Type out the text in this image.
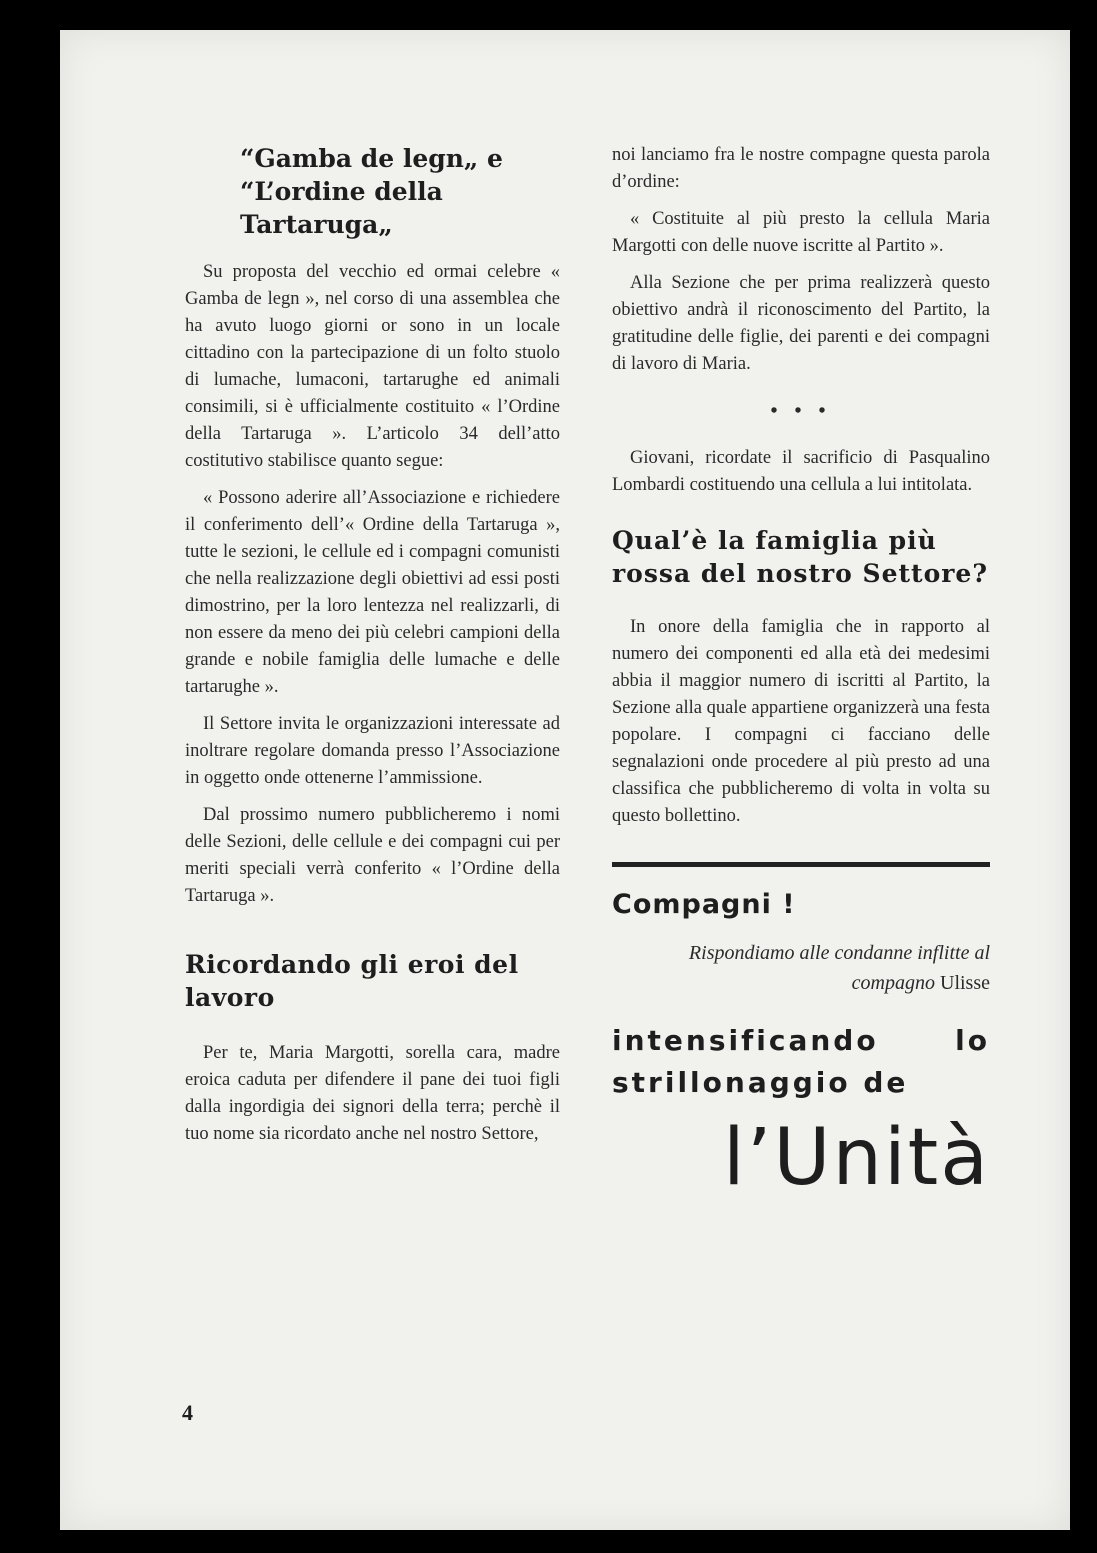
“Gamba de legn„ e “L’ordine della Tartaruga„

Su proposta del vecchio ed ormai celebre « Gamba de legn », nel corso di una assemblea che ha avuto luogo giorni or sono in un locale cittadino con la partecipazione di un folto stuolo di lumache, lumaconi, tartarughe ed animali consimili, si è ufficialmente costituito « l’Ordine della Tartaruga ». L’articolo 34 dell’atto costitutivo stabilisce quanto segue:

« Possono aderire all’Associazione e richiedere il conferimento dell’« Ordine della Tartaruga », tutte le sezioni, le cellule ed i compagni comunisti che nella realizzazione degli obiettivi ad essi posti dimostrino, per la loro lentezza nel realizzarli, di non essere da meno dei più celebri campioni della grande e nobile famiglia delle lumache e delle tartarughe ».

Il Settore invita le organizzazioni interessate ad inoltrare regolare domanda presso l’Associazione in oggetto onde ottenerne l’ammissione.

Dal prossimo numero pubblicheremo i nomi delle Sezioni, delle cellule e dei compagni cui per meriti speciali verrà conferito « l’Ordine della Tartaruga ».

Ricordando gli eroi del lavoro

Per te, Maria Margotti, sorella cara, madre eroica caduta per difendere il pane dei tuoi figli dalla ingordigia dei signori della terra; perchè il tuo nome sia ricordato anche nel nostro Settore,

noi lanciamo fra le nostre compagne questa parola d’ordine:

« Costituite al più presto la cellula Maria Margotti con delle nuove iscritte al Partito ».

Alla Sezione che per prima realizzerà questo obiettivo andrà il riconoscimento del Partito, la gratitudine delle figlie, dei parenti e dei compagni di lavoro di Maria.

• • •

Giovani, ricordate il sacrificio di Pasqualino Lombardi costituendo una cellula a lui intitolata.

Qual’è la famiglia più rossa del nostro Settore?

In onore della famiglia che in rapporto al numero dei componenti ed alla età dei medesimi abbia il maggior numero di iscritti al Partito, la Sezione alla quale appartiene organizzerà una festa popolare. I compagni ci facciano delle segnalazioni onde procedere al più presto ad una classifica che pubblicheremo di volta in volta su questo bollettino.

Compagni !
Rispondiamo alle condanne inflitte al compagno Ulisse
intensificando lo strillonaggio de
l’Unità
4
